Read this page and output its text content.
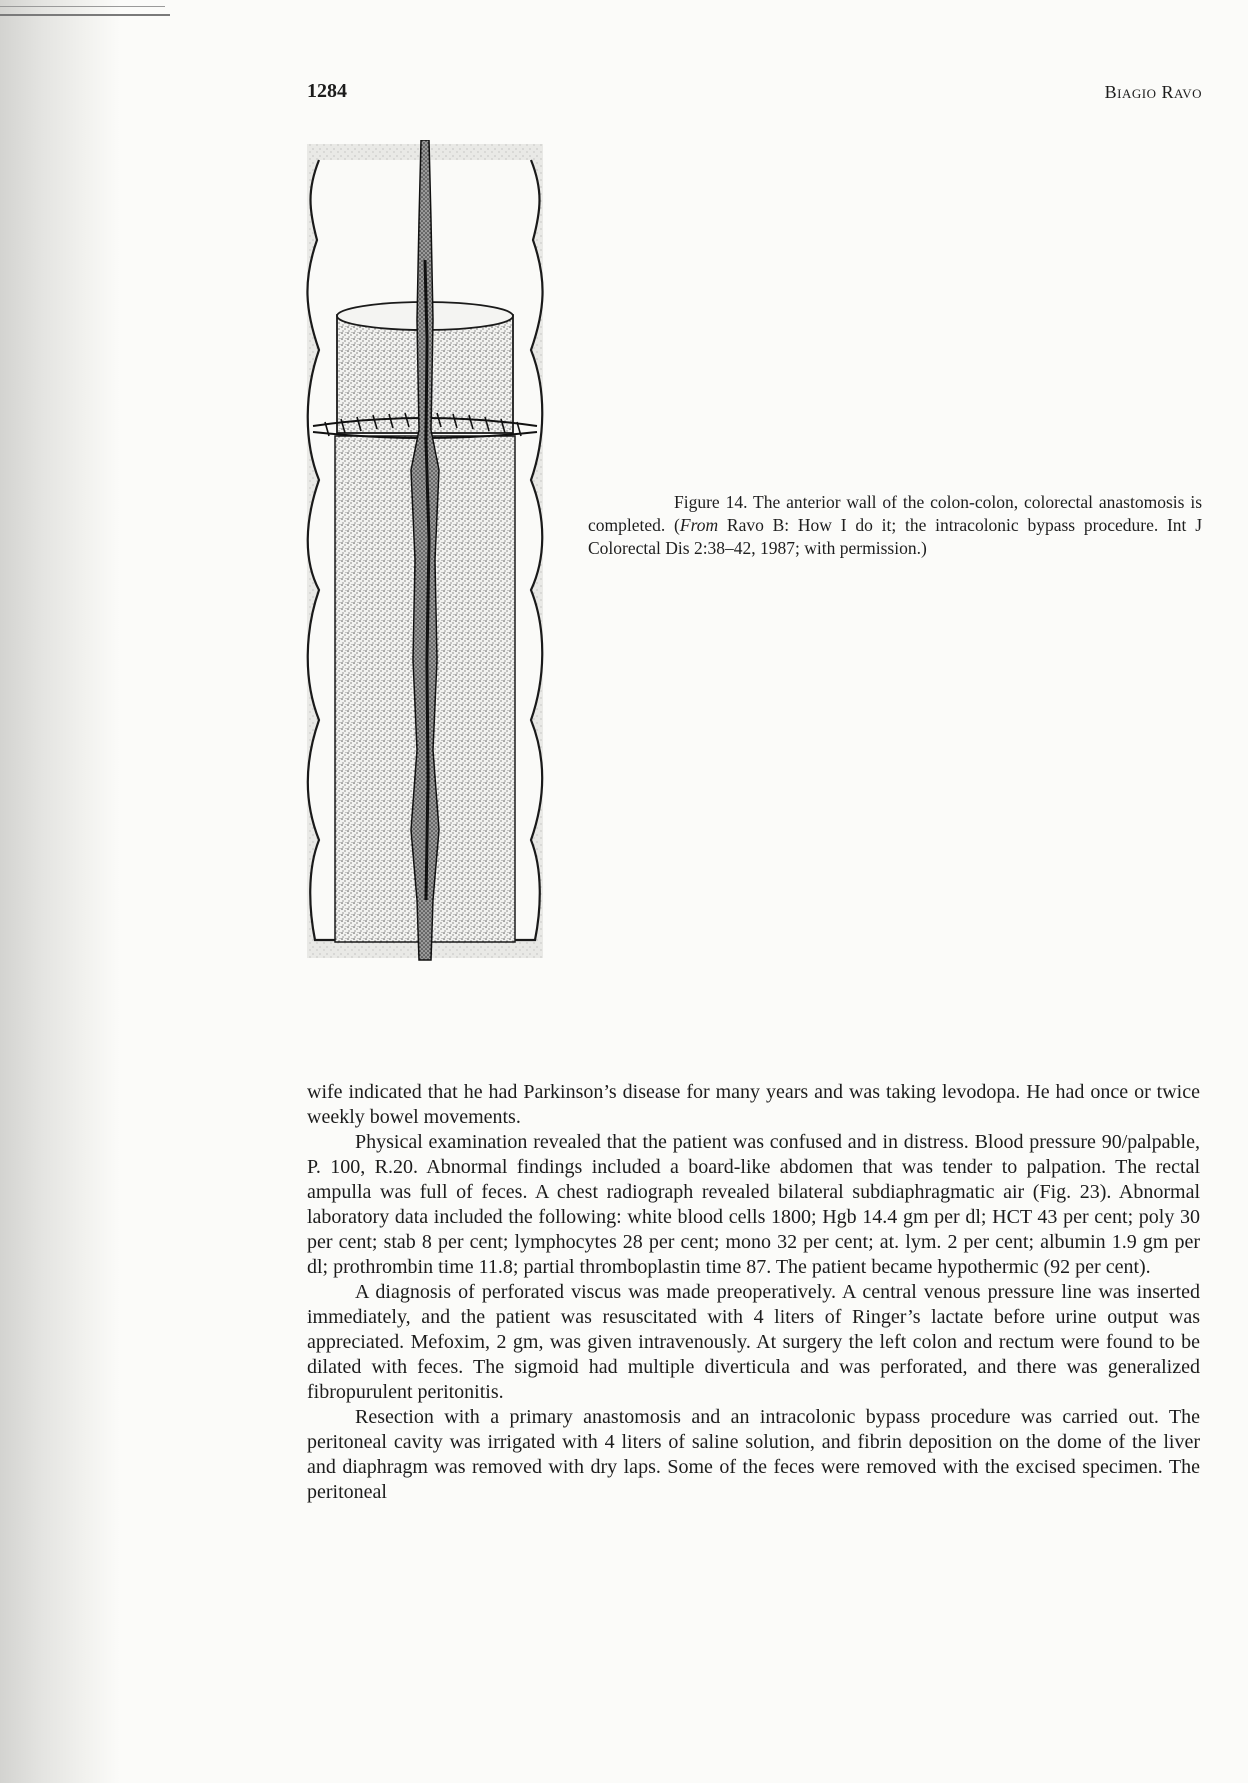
1284	Biagio Ravo
Figure 14. The anterior wall of the colon-colon, colorectal anastomosis is completed. (From Ravo B: How I do it; the intracolonic bypass procedure. Int J Colorectal Dis 2:38–42, 1987; with permission.)

wife indicated that he had Parkinson’s disease for many years and was taking levodopa. He had once or twice weekly bowel movements.

Physical examination revealed that the patient was confused and in distress. Blood pressure 90/palpable, P. 100, R.20. Abnormal findings included a board-like abdomen that was tender to palpation. The rectal ampulla was full of feces. A chest radiograph revealed bilateral subdiaphragmatic air (Fig. 23). Abnormal laboratory data included the following: white blood cells 1800; Hgb 14.4 gm per dl; HCT 43 per cent; poly 30 per cent; stab 8 per cent; lymphocytes 28 per cent; mono 32 per cent; at. lym. 2 per cent; albumin 1.9 gm per dl; prothrombin time 11.8; partial thromboplastin time 87. The patient became hypothermic (92 per cent).

A diagnosis of perforated viscus was made preoperatively. A central venous pressure line was inserted immediately, and the patient was resuscitated with 4 liters of Ringer’s lactate before urine output was appreciated. Mefoxim, 2 gm, was given intravenously. At surgery the left colon and rectum were found to be dilated with feces. The sigmoid had multiple diverticula and was perforated, and there was generalized fibropurulent peritonitis.

Resection with a primary anastomosis and an intracolonic bypass procedure was carried out. The peritoneal cavity was irrigated with 4 liters of saline solution, and fibrin deposition on the dome of the liver and diaphragm was removed with dry laps. Some of the feces were removed with the excised specimen. The peritoneal
